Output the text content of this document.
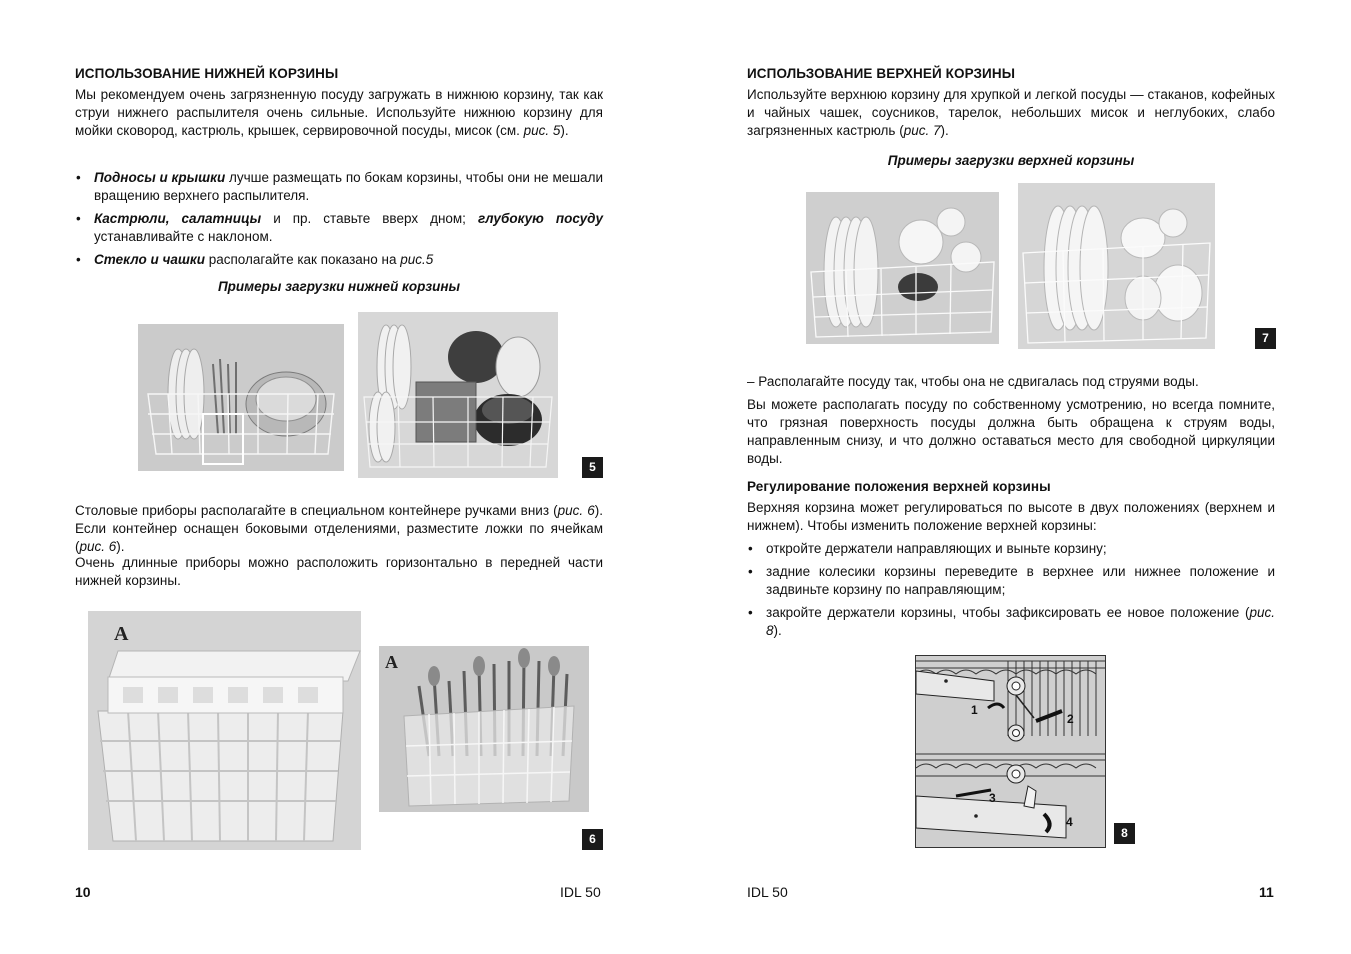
ИСПОЛЬЗОВАНИЕ НИЖНЕЙ КОРЗИНЫ
Мы рекомендуем очень загрязненную посуду загружать в нижнюю корзину, так как струи нижнего распылителя очень сильные. Используйте нижнюю корзину для мойки сковород, кастрюль, крышек, сервировочной посуды, мисок (см. рис. 5).
• Подносы и крышки лучше размещать по бокам корзины, чтобы они не мешали вращению верхнего распылителя.
• Кастрюли, салатницы и пр. ставьте вверх дном; глубокую посуду устанавливайте с наклоном.
• Стекло и чашки располагайте как показано на рис.5
Примеры загрузки нижней корзины
5
Столовые приборы располагайте в специальном контейнере ручками вниз (рис. 6). Если контейнер оснащен боковыми отделениями, разместите ложки по ячейкам (рис. 6).
Очень длинные приборы можно расположить горизонтально в передней части нижней корзины.
A
A
6
10	IDL 50
ИСПОЛЬЗОВАНИЕ ВЕРХНЕЙ КОРЗИНЫ
Используйте верхнюю корзину для хрупкой и легкой посуды — стаканов, кофейных и чайных чашек, соусников, тарелок, небольших мисок и неглубоких, слабо загрязненных кастрюль (рис. 7).
Примеры загрузки верхней корзины
7
– Располагайте посуду так, чтобы она не сдвигалась под струями воды.
Вы можете располагать посуду по собственному усмотрению, но всегда помните, что грязная поверхность посуды должна быть обращена к струям воды, направленным снизу, и что должно оставаться место для свободной циркуляции воды.
Регулирование положения верхней корзины
Верхняя корзина может регулироваться по высоте в двух положениях (верхнем и нижнем). Чтобы изменить положение верхней корзины:
• откройте держатели направляющих и выньте корзину;
• задние колесики корзины переведите в верхнее или нижнее положение и задвиньте корзину по направляющим;
• закройте держатели корзины, чтобы зафиксировать ее новое положение (рис. 8).
1
2
3
4
8
IDL 50	11
